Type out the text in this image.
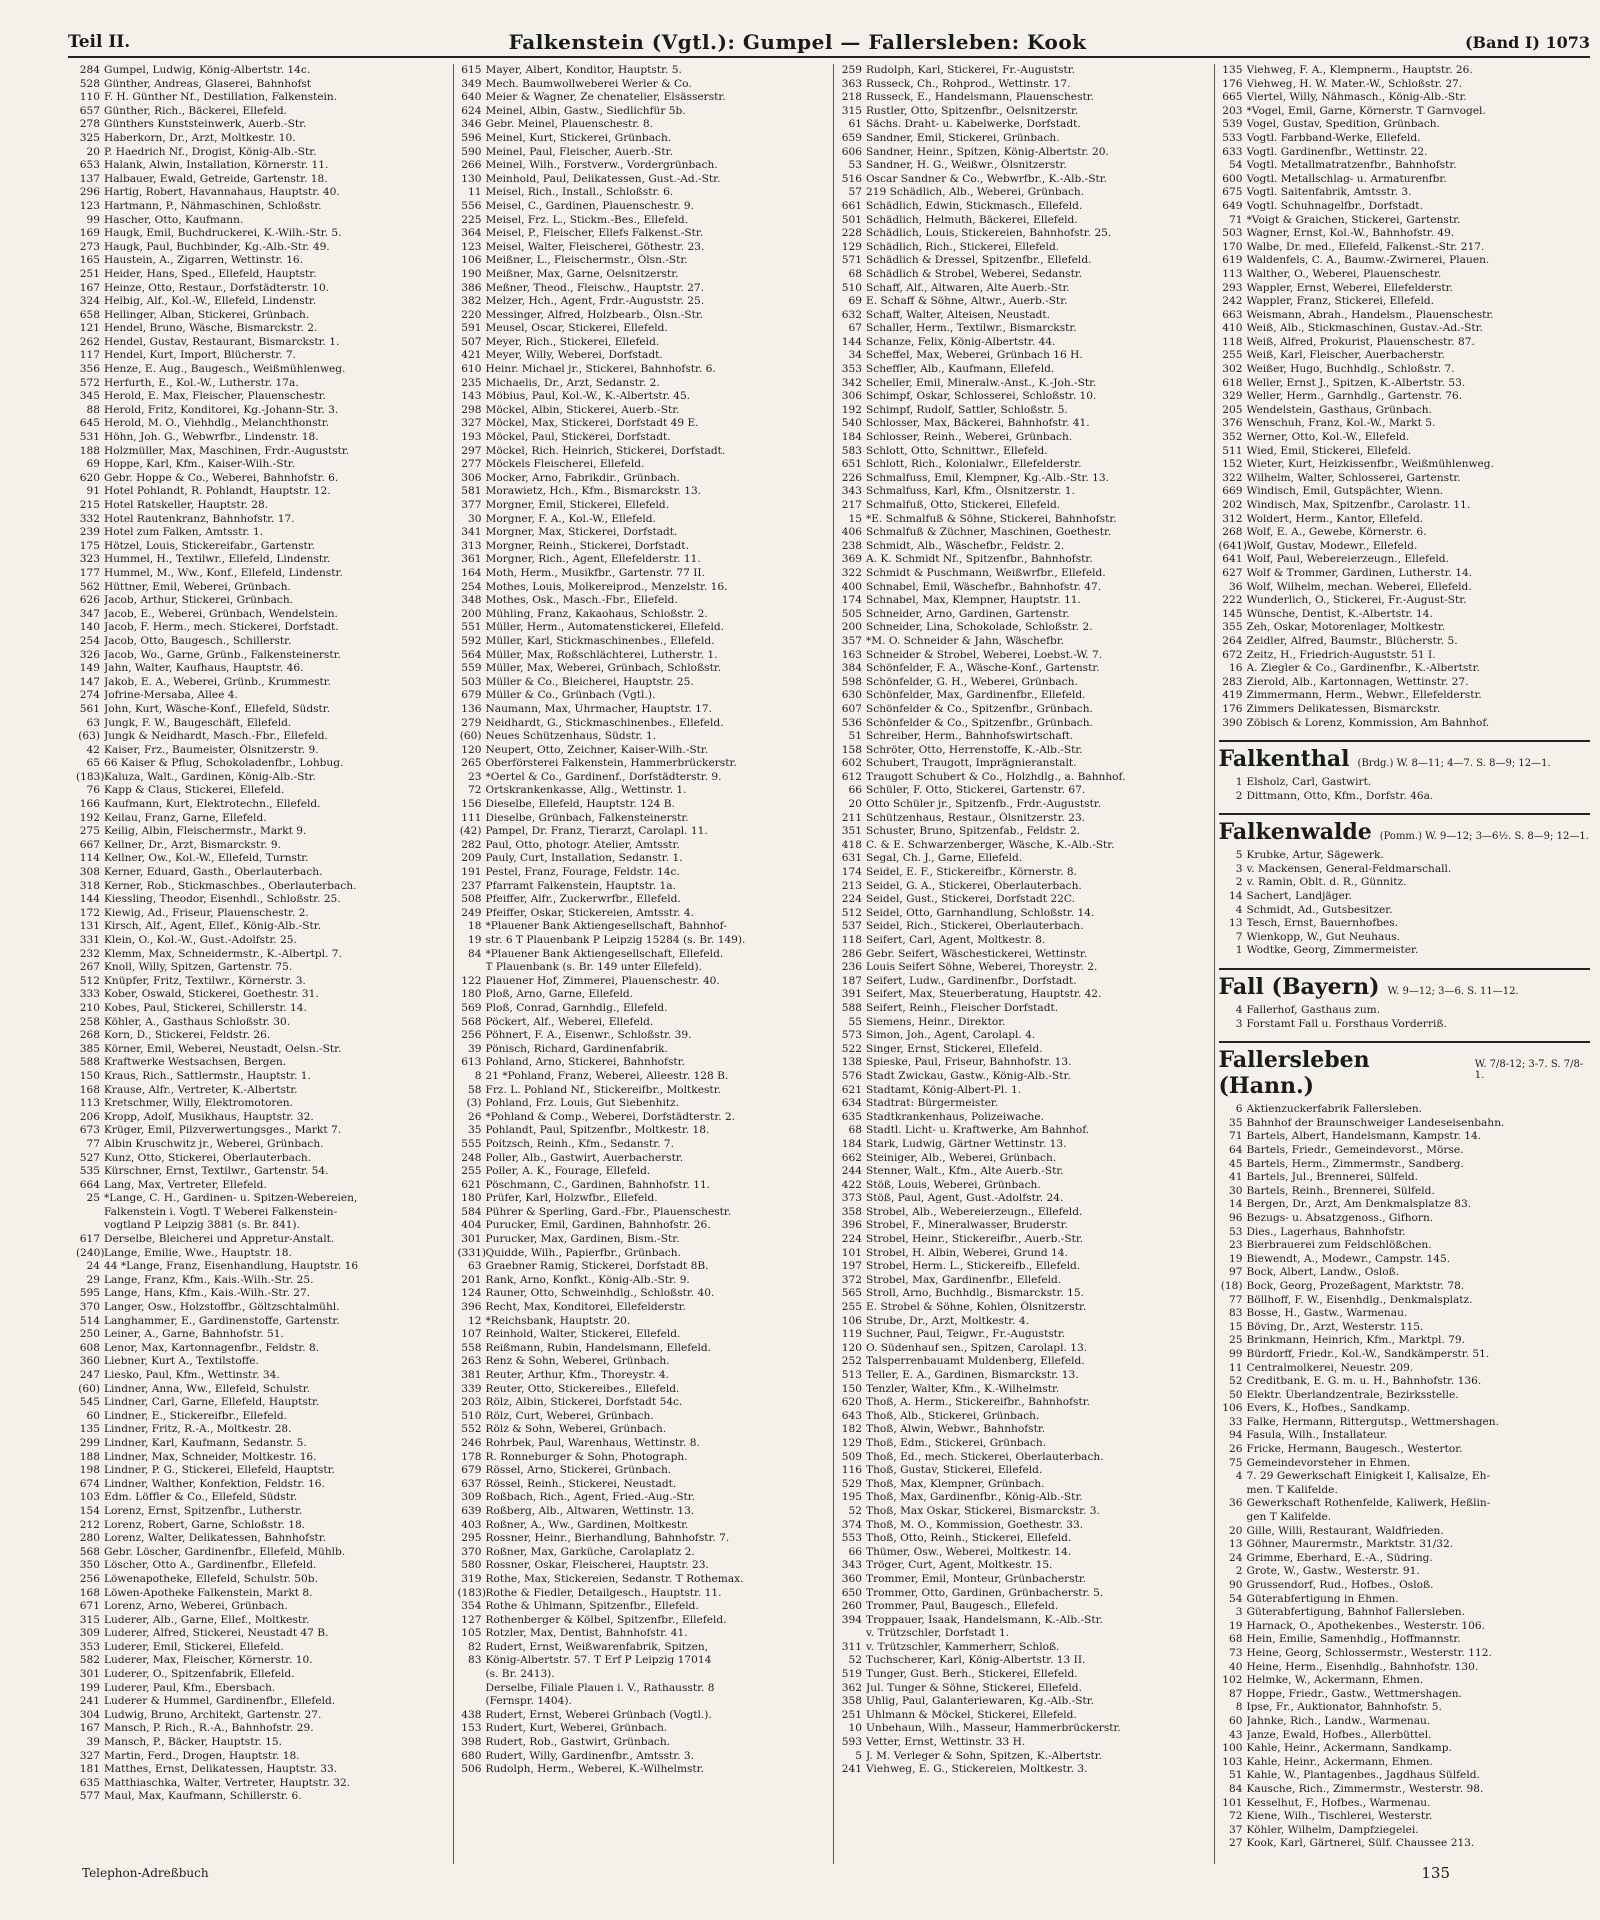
Teil II.	Falkenstein (Vgtl.): Gumpel — Fallersleben: Kook	(Band I) 1073
284 Gumpel, Ludwig, König-Albertstr. 14c.
528 Günther, Andreas, Glaserei, Bahnhofst
110 F. H. Günther Nf., Destillation, Falkenstein.
657 Günther, Rich., Bäckerei, Ellefeld.
278 Günthers Kunststeinwerk, Auerb.-Str.
325 Haberkorn, Dr., Arzt, Moltkestr. 10.
20 P. Haedrich Nf., Drogist, König-Alb.-Str.
653 Halank, Alwin, Installation, Körnerstr. 11.
137 Halbauer, Ewald, Getreide, Gartenstr. 18.
296 Hartig, Robert, Havannahaus, Hauptstr. 40.
123 Hartmann, P., Nähmaschinen, Schloßstr.
99 Hascher, Otto, Kaufmann.
169 Haugk, Emil, Buchdruckerei, K.-Wilh.-Str. 5.
273 Haugk, Paul, Buchbinder, Kg.-Alb.-Str. 49.
165 Haustein, A., Zigarren, Wettinstr. 16.
251 Heider, Hans, Sped., Ellefeld, Hauptstr.
167 Heinze, Otto, Restaur., Dorfstädterstr. 10.
324 Helbig, Alf., Kol.-W., Ellefeld, Lindenstr.
658 Hellinger, Alban, Stickerei, Grünbach.
121 Hendel, Bruno, Wäsche, Bismarckstr. 2.
262 Hendel, Gustav, Restaurant, Bismarckstr. 1.
117 Hendel, Kurt, Import, Blücherstr. 7.
356 Henze, E. Aug., Baugesch., Weißmühlenweg.
572 Herfurth, E., Kol.-W., Lutherstr. 17a.
345 Herold, E. Max, Fleischer, Plauenschestr.
88 Herold, Fritz, Konditorei, Kg.-Johann-Str. 3.
645 Herold, M. O., Viehhdlg., Melanchthonstr.
531 Höhn, Joh. G., Webwrfbr., Lindenstr. 18.
188 Holzmüller, Max, Maschinen, Frdr.-Auguststr.
69 Hoppe, Karl, Kfm., Kaiser-Wilh.-Str.
620 Gebr. Hoppe & Co., Weberei, Bahnhofstr. 6.
91 Hotel Pohlandt, R. Pohlandt, Hauptstr. 12.
215 Hotel Ratskeller, Hauptstr. 28.
332 Hotel Rautenkranz, Bahnhofstr. 17.
239 Hotel zum Falken, Amtsstr. 1.
175 Hötzel, Louis, Stickereifabr., Gartenstr.
323 Hummel, H., Textilwr., Ellefeld, Lindenstr.
177 Hummel, M., Ww., Konf., Ellefeld, Lindenstr.
562 Hüttner, Emil, Weberei, Grünbach.
626 Jacob, Arthur, Stickerei, Grünbach.
347 Jacob, E., Weberei, Grünbach, Wendelstein.
140 Jacob, F. Herm., mech. Stickerei, Dorfstadt.
254 Jacob, Otto, Baugesch., Schillerstr.
326 Jacob, Wo., Garne, Grünb., Falkensteinerstr.
149 Jahn, Walter, Kaufhaus, Hauptstr. 46.
147 Jakob, E. A., Weberei, Grünb., Krummestr.
274 Jofrine-Mersaba, Allee 4.
561 John, Kurt, Wäsche-Konf., Ellefeld, Südstr.
63 Jungk, F. W., Baugeschäft, Ellefeld.
(63) Jungk & Neidhardt, Masch.-Fbr., Ellefeld.
42 Kaiser, Frz., Baumeister, Ölsnitzerstr. 9.
65 66 Kaiser & Pflug, Schokoladenfbr., Lohbug.
(183) Kaluza, Walt., Gardinen, König-Alb.-Str.
76 Kapp & Claus, Stickerei, Ellefeld.
166 Kaufmann, Kurt, Elektrotechn., Ellefeld.
192 Keilau, Franz, Garne, Ellefeld.
275 Keilig, Albin, Fleischermstr., Markt 9.
667 Kellner, Dr., Arzt, Bismarckstr. 9.
114 Kellner, Ow., Kol.-W., Ellefeld, Turnstr.
308 Kerner, Eduard, Gasth., Oberlauterbach.
318 Kerner, Rob., Stickmaschbes., Oberlauterbach.
144 Kiessling, Theodor, Eisenhdl., Schloßstr. 25.
172 Kiewig, Ad., Friseur, Plauenschestr. 2.
131 Kirsch, Alf., Agent, Ellef., König-Alb.-Str.
331 Klein, O., Kol.-W., Gust.-Adolfstr. 25.
232 Klemm, Max, Schneidermstr., K.-Albertpl. 7.
267 Knoll, Willy, Spitzen, Gartenstr. 75.
512 Knüpfer, Fritz, Textilwr., Körnerstr. 3.
333 Kober, Oswald, Stickerei, Goethestr. 31.
210 Kobes, Paul, Stickerei, Schillerstr. 14.
258 Köhler, A., Gasthaus Schloßstr. 30.
268 Korn, D., Stickerei, Feldstr. 26.
385 Körner, Emil, Weberei, Neustadt, Oelsn.-Str.
588 Kraftwerke Westsachsen, Bergen.
150 Kraus, Rich., Sattlermstr., Hauptstr. 1.
168 Krause, Alfr., Vertreter, K.-Albertstr.
113 Kretschmer, Willy, Elektromotoren.
206 Kropp, Adolf, Musikhaus, Hauptstr. 32.
673 Krüger, Emil, Pilzverwertungsges., Markt 7.
77 Albin Kruschwitz jr., Weberei, Grünbach.
527 Kunz, Otto, Stickerei, Oberlauterbach.
535 Kürschner, Ernst, Textilwr., Gartenstr. 54.
664 Lang, Max, Vertreter, Ellefeld.
25 *Lange, C. H., Gardinen- u. Spitzen-Webereien,
Falkenstein i. Vogtl. T Weberei Falkenstein-
vogtland P Leipzig 3881 (s. Br. 841).
617 Derselbe, Bleicherei und Appretur-Anstalt.
(240) Lange, Emilie, Wwe., Hauptstr. 18.
24 44 *Lange, Franz, Eisenhandlung, Hauptstr. 16
29 Lange, Franz, Kfm., Kais.-Wilh.-Str. 25.
595 Lange, Hans, Kfm., Kais.-Wilh.-Str. 27.
370 Langer, Osw., Holzstoffbr., Göltzschtalmühl.
514 Langhammer, E., Gardinenstoffe, Gartenstr.
250 Leiner, A., Garne, Bahnhofstr. 51.
608 Lenor, Max, Kartonnagenfbr., Feldstr. 8.
360 Liebner, Kurt A., Textilstoffe.
247 Liesko, Paul, Kfm., Wettinstr. 34.
(60) Lindner, Anna, Ww., Ellefeld, Schulstr.
545 Lindner, Carl, Garne, Ellefeld, Hauptstr.
60 Lindner, E., Stickereifbr., Ellefeld.
135 Lindner, Fritz, R.-A., Moltkestr. 28.
299 Lindner, Karl, Kaufmann, Sedanstr. 5.
188 Lindner, Max, Schneider, Moltkestr. 16.
198 Lindner, P. G., Stickerei, Ellefeld, Hauptstr.
674 Lindner, Walther, Konfektion, Feldstr. 16.
103 Edm. Löffler & Co., Ellefeld, Südstr.
154 Lorenz, Ernst, Spitzenfbr., Lutherstr.
212 Lorenz, Robert, Garne, Schloßstr. 18.
280 Lorenz, Walter, Delikatessen, Bahnhofstr.
568 Gebr. Löscher, Gardinenfbr., Ellefeld, Mühlb.
350 Löscher, Otto A., Gardinenfbr., Ellefeld.
256 Löwenapotheke, Ellefeld, Schulstr. 50b.
168 Löwen-Apotheke Falkenstein, Markt 8.
671 Lorenz, Arno, Weberei, Grünbach.
315 Luderer, Alb., Garne, Ellef., Moltkestr.
309 Luderer, Alfred, Stickerei, Neustadt 47 B.
353 Luderer, Emil, Stickerei, Ellefeld.
582 Luderer, Max, Fleischer, Körnerstr. 10.
301 Luderer, O., Spitzenfabrik, Ellefeld.
199 Luderer, Paul, Kfm., Ebersbach.
241 Luderer & Hummel, Gardinenfbr., Ellefeld.
304 Ludwig, Bruno, Architekt, Gartenstr. 27.
167 Mansch, P. Rich., R.-A., Bahnhofstr. 29.
39 Mansch, P., Bäcker, Hauptstr. 15.
327 Martin, Ferd., Drogen, Hauptstr. 18.
181 Matthes, Ernst, Delikatessen, Hauptstr. 33.
635 Matthiaschka, Walter, Vertreter, Hauptstr. 32.
577 Maul, Max, Kaufmann, Schillerstr. 6.
615 Mayer, Albert, Konditor, Hauptstr. 5.
349 Mech. Baumwollweberei Werler & Co.
640 Meier & Wagner, Ze chenatelier, Elsässerstr.
624 Meinel, Albin, Gastw., Siedlichfür 5b.
346 Gebr. Meinel, Plauenschestr. 8.
596 Meinel, Kurt, Stickerei, Grünbach.
590 Meinel, Paul, Fleischer, Auerb.-Str.
266 Meinel, Wilh., Forstverw., Vordergrünbach.
130 Meinhold, Paul, Delikatessen, Gust.-Ad.-Str.
11 Meisel, Rich., Install., Schloßstr. 6.
556 Meisel, C., Gardinen, Plauenschestr. 9.
225 Meisel, Frz. L., Stickm.-Bes., Ellefeld.
364 Meisel, P., Fleischer, Ellefs Falkenst.-Str.
123 Meisel, Walter, Fleischerei, Göthestr. 23.
106 Meißner, L., Fleischermstr., Ölsn.-Str.
190 Meißner, Max, Garne, Oelsnitzerstr.
386 Meßner, Theod., Fleischw., Hauptstr. 27.
382 Melzer, Hch., Agent, Frdr.-Auguststr. 25.
220 Messinger, Alfred, Holzbearb., Ölsn.-Str.
591 Meusel, Oscar, Stickerei, Ellefeld.
507 Meyer, Rich., Stickerei, Ellefeld.
421 Meyer, Willy, Weberei, Dorfstadt.
610 Heinr. Michael jr., Stickerei, Bahnhofstr. 6.
235 Michaelis, Dr., Arzt, Sedanstr. 2.
143 Möbius, Paul, Kol.-W., K.-Albertstr. 45.
298 Möckel, Albin, Stickerei, Auerb.-Str.
327 Möckel, Max, Stickerei, Dorfstadt 49 E.
193 Möckel, Paul, Stickerei, Dorfstadt.
297 Möckel, Rich. Heinrich, Stickerei, Dorfstadt.
277 Möckels Fleischerei, Ellefeld.
306 Mocker, Arno, Fabrikdir., Grünbach.
581 Morawietz, Hch., Kfm., Bismarckstr. 13.
377 Morgner, Emil, Stickerei, Ellefeld.
30 Morgner, F. A., Kol.-W., Ellefeld.
341 Morgner, Max, Stickerei, Dorfstadt.
313 Morgner, Reinh., Stickerei, Dorfstadt.
361 Morgner, Rich., Agent, Ellefelderstr. 11.
164 Moth, Herm., Musikfbr., Gartenstr. 77 II.
254 Mothes, Louis, Molkereiprod., Menzelstr. 16.
348 Mothes, Osk., Masch.-Fbr., Ellefeld.
200 Mühling, Franz, Kakaohaus, Schloßstr. 2.
551 Müller, Herm., Automatenstickerei, Ellefeld.
592 Müller, Karl, Stickmaschinenbes., Ellefeld.
564 Müller, Max, Roßschlächterei, Lutherstr. 1.
559 Müller, Max, Weberei, Grünbach, Schloßstr.
503 Müller & Co., Bleicherei, Hauptstr. 25.
679 Müller & Co., Grünbach (Vgtl.).
136 Naumann, Max, Uhrmacher, Hauptstr. 17.
279 Neidhardt, G., Stickmaschinenbes., Ellefeld.
(60) Neues Schützenhaus, Südstr. 1.
120 Neupert, Otto, Zeichner, Kaiser-Wilh.-Str.
265 Oberförsterei Falkenstein, Hammerbrückerstr.
23 *Oertel & Co., Gardinenf., Dorfstädterstr. 9.
72 Ortskrankenkasse, Allg., Wettinstr. 1.
156 Dieselbe, Ellefeld, Hauptstr. 124 B.
111 Dieselbe, Grünbach, Falkensteinerstr.
(42) Pampel, Dr. Franz, Tierarzt, Carolapl. 11.
282 Paul, Otto, photogr. Atelier, Amtsstr.
209 Pauly, Curt, Installation, Sedanstr. 1.
191 Pestel, Franz, Fourage, Feldstr. 14c.
237 Pfarramt Falkenstein, Hauptstr. 1a.
508 Pfeiffer, Alfr., Zuckerwrfbr., Ellefeld.
249 Pfeiffer, Oskar, Stickereien, Amtsstr. 4.
18 *Plauener Bank Aktiengesellschaft, Bahnhof-
19 str. 6 T Plauenbank P Leipzig 15284 (s. Br. 149).
84 *Plauener Bank Aktiengesellschaft, Ellefeld.
T Plauenbank (s. Br. 149 unter Ellefeld).
122 Plauener Hof, Zimmerei, Plauenschestr. 40.
180 Ploß, Arno, Garne, Ellefeld.
569 Ploß, Conrad, Garnhdlg., Ellefeld.
568 Pöckert, Alf., Weberei, Ellefeld.
256 Pöhnert, F. A., Eisenwr., Schloßstr. 39.
39 Pönisch, Richard, Gardinenfabrik.
613 Pohland, Arno, Stickerei, Bahnhofstr.
8 21 *Pohland, Franz, Weberei, Alleestr. 128 B.
58 Frz. L. Pohland Nf., Stickereifbr., Moltkestr.
(3) Pohland, Frz. Louis, Gut Siebenhitz.
26 *Pohland & Comp., Weberei, Dorfstädterstr. 2.
35 Pohlandt, Paul, Spitzenfbr., Moltkestr. 18.
555 Poitzsch, Reinh., Kfm., Sedanstr. 7.
248 Poller, Alb., Gastwirt, Auerbacherstr.
255 Poller, A. K., Fourage, Ellefeld.
621 Pöschmann, C., Gardinen, Bahnhofstr. 11.
180 Prüfer, Karl, Holzwfbr., Ellefeld.
584 Pührer & Sperling, Gard.-Fbr., Plauenschestr.
404 Purucker, Emil, Gardinen, Bahnhofstr. 26.
301 Purucker, Max, Gardinen, Bism.-Str.
(331) Quidde, Wilh., Papierfbr., Grünbach.
63 Graebner Ramig, Stickerei, Dorfstadt 8B.
201 Rank, Arno, Konfkt., König-Alb.-Str. 9.
124 Rauner, Otto, Schweinhdlg., Schloßstr. 40.
396 Recht, Max, Konditorei, Ellefelderstr.
12 *Reichsbank, Hauptstr. 20.
107 Reinhold, Walter, Stickerei, Ellefeld.
558 Reißmann, Rubin, Handelsmann, Ellefeld.
263 Renz & Sohn, Weberei, Grünbach.
381 Reuter, Arthur, Kfm., Thoreystr. 4.
339 Reuter, Otto, Stickereibes., Ellefeld.
203 Rölz, Albin, Stickerei, Dorfstadt 54c.
510 Rölz, Curt, Weberei, Grünbach.
552 Rölz & Sohn, Weberei, Grünbach.
246 Rohrbek, Paul, Warenhaus, Wettinstr. 8.
178 R. Ronneburger & Sohn, Photograph.
679 Rössel, Arno, Stickerei, Grünbach.
637 Rössel, Reinh., Stickerei, Neustadt.
309 Roßbach, Rich., Agent, Fried.-Aug.-Str.
639 Roßberg, Alb., Altwaren, Wettinstr. 13.
403 Roßner, A., Ww., Gardinen, Moltkestr.
295 Rossner, Heinr., Bierhandlung, Bahnhofstr. 7.
370 Roßner, Max, Garküche, Carolaplatz 2.
580 Rossner, Oskar, Fleischerei, Hauptstr. 23.
319 Rothe, Max, Stickereien, Sedanstr. T Rothemax.
(183) Rothe & Fiedler, Detailgesch., Hauptstr. 11.
354 Rothe & Uhlmann, Spitzenfbr., Ellefeld.
127 Rothenberger & Kölbel, Spitzenfbr., Ellefeld.
105 Rotzler, Max, Dentist, Bahnhofstr. 41.
82 Rudert, Ernst, Weißwarenfabrik, Spitzen,
83 König-Albertstr. 57. T Erf P Leipzig 17014
(s. Br. 2413).
Derselbe, Filiale Plauen i. V., Rathausstr. 8
(Fernspr. 1404).
438 Rudert, Ernst, Weberei Grünbach (Vogtl.).
153 Rudert, Kurt, Weberei, Grünbach.
398 Rudert, Rob., Gastwirt, Grünbach.
680 Rudert, Willy, Gardinenfbr., Amtsstr. 3.
506 Rudolph, Herm., Weberei, K.-Wilhelmstr.
259 Rudolph, Karl, Stickerei, Fr.-Auguststr.
363 Russeck, Ch., Rohprod., Wettinstr. 17.
218 Russeck, E., Handelsmann, Plauenschestr.
315 Rustler, Otto, Spitzenfbr., Oelsnitzerstr.
61 Sächs. Draht- u. Kabelwerke, Dorfstadt.
659 Sandner, Emil, Stickerei, Grünbach.
606 Sandner, Heinr., Spitzen, König-Albertstr. 20.
53 Sandner, H. G., Weißwr., Ölsnitzerstr.
516 Oscar Sandner & Co., Webwrfbr., K.-Alb.-Str.
57 219 Schädlich, Alb., Weberei, Grünbach.
661 Schädlich, Edwin, Stickmasch., Ellefeld.
501 Schädlich, Helmuth, Bäckerei, Ellefeld.
228 Schädlich, Louis, Stickereien, Bahnhofstr. 25.
129 Schädlich, Rich., Stickerei, Ellefeld.
571 Schädlich & Dressel, Spitzenfbr., Ellefeld.
68 Schädlich & Strobel, Weberei, Sedanstr.
510 Schaff, Alf., Altwaren, Alte Auerb.-Str.
69 E. Schaff & Söhne, Altwr., Auerb.-Str.
632 Schaff, Walter, Alteisen, Neustadt.
67 Schaller, Herm., Textilwr., Bismarckstr.
144 Schanze, Felix, König-Albertstr. 44.
34 Scheffel, Max, Weberei, Grünbach 16 H.
353 Scheffler, Alb., Kaufmann, Ellefeld.
342 Scheller, Emil, Mineralw.-Anst., K.-Joh.-Str.
306 Schimpf, Oskar, Schlosserei, Schloßstr. 10.
192 Schimpf, Rudolf, Sattler, Schloßstr. 5.
540 Schlosser, Max, Bäckerei, Bahnhofstr. 41.
184 Schlosser, Reinh., Weberei, Grünbach.
583 Schlott, Otto, Schnittwr., Ellefeld.
651 Schlott, Rich., Kolonialwr., Ellefelderstr.
226 Schmalfuss, Emil, Klempner, Kg.-Alb.-Str. 13.
343 Schmalfuss, Karl, Kfm., Ölsnitzerstr. 1.
217 Schmalfuß, Otto, Stickerei, Ellefeld.
15 *E. Schmalfuß & Söhne, Stickerei, Bahnhofstr.
406 Schmalfuß & Züchner, Maschinen, Goethestr.
238 Schmidt, Alb., Wäschefbr., Feldstr. 2.
369 A. K. Schmidt Nf., Spitzenfbr., Bahnhofstr.
322 Schmidt & Puschmann, Weißwrfbr., Ellefeld.
400 Schnabel, Emil, Wäschefbr., Bahnhofstr. 47.
174 Schnabel, Max, Klempner, Hauptstr. 11.
505 Schneider, Arno, Gardinen, Gartenstr.
200 Schneider, Lina, Schokolade, Schloßstr. 2.
357 *M. O. Schneider & Jahn, Wäschefbr.
163 Schneider & Strobel, Weberei, Loebst.-W. 7.
384 Schönfelder, F. A., Wäsche-Konf., Gartenstr.
598 Schönfelder, G. H., Weberei, Grünbach.
630 Schönfelder, Max, Gardinenfbr., Ellefeld.
607 Schönfelder & Co., Spitzenfbr., Grünbach.
536 Schönfelder & Co., Spitzenfbr., Grünbach.
51 Schreiber, Herm., Bahnhofswirtschaft.
158 Schröter, Otto, Herrenstoffe, K.-Alb.-Str.
602 Schubert, Traugott, Imprägnieranstalt.
612 Traugott Schubert & Co., Holzhdlg., a. Bahnhof.
66 Schüler, F. Otto, Stickerei, Gartenstr. 67.
20 Otto Schüler jr., Spitzenfb., Frdr.-Auguststr.
211 Schützenhaus, Restaur., Ölsnitzerstr. 23.
351 Schuster, Bruno, Spitzenfab., Feldstr. 2.
418 C. & E. Schwarzenberger, Wäsche, K.-Alb.-Str.
631 Segal, Ch. J., Garne, Ellefeld.
174 Seidel, E. F., Stickereifbr., Körnerstr. 8.
213 Seidel, G. A., Stickerei, Oberlauterbach.
224 Seidel, Gust., Stickerei, Dorfstadt 22C.
512 Seidel, Otto, Garnhandlung, Schloßstr. 14.
537 Seidel, Rich., Stickerei, Oberlauterbach.
118 Seifert, Carl, Agent, Moltkestr. 8.
286 Gebr. Seifert, Wäschestickerei, Wettinstr.
236 Louis Seifert Söhne, Weberei, Thoreystr. 2.
187 Seifert, Ludw., Gardinenfbr., Dorfstadt.
391 Seifert, Max, Steuerberatung, Hauptstr. 42.
588 Seifert, Reinh., Fleischer Dorfstadt.
55 Siemens, Heinr., Direktor.
573 Simon, Joh., Agent, Carolapl. 4.
522 Singer, Ernst, Stickerei, Ellefeld.
138 Spieske, Paul, Friseur, Bahnhofstr. 13.
576 Stadt Zwickau, Gastw., König-Alb.-Str.
621 Stadtamt, König-Albert-Pl. 1.
634 Stadtrat: Bürgermeister.
635 Stadtkrankenhaus, Polizeiwache.
68 Stadtl. Licht- u. Kraftwerke, Am Bahnhof.
184 Stark, Ludwig, Gärtner Wettinstr. 13.
662 Steiniger, Alb., Weberei, Grünbach.
244 Stenner, Walt., Kfm., Alte Auerb.-Str.
422 Stöß, Louis, Weberei, Grünbach.
373 Stöß, Paul, Agent, Gust.-Adolfstr. 24.
358 Strobel, Alb., Webereierzeugn., Ellefeld.
396 Strobel, F., Mineralwasser, Bruderstr.
224 Strobel, Heinr., Stickereifbr., Auerb.-Str.
101 Strobel, H. Albin, Weberei, Grund 14.
197 Strobel, Herm. L., Stickereifb., Ellefeld.
372 Strobel, Max, Gardinenfbr., Ellefeld.
565 Stroll, Arno, Buchhdlg., Bismarckstr. 15.
255 E. Strobel & Söhne, Kohlen, Ölsnitzerstr.
106 Strube, Dr., Arzt, Moltkestr. 4.
119 Suchner, Paul, Teigwr., Fr.-Auguststr.
120 O. Südenhauf sen., Spitzen, Carolapl. 13.
252 Talsperrenbauamt Muldenberg, Ellefeld.
513 Teller, E. A., Gardinen, Bismarckstr. 13.
150 Tenzler, Walter, Kfm., K.-Wilhelmstr.
620 Thoß, A. Herm., Stickereifbr., Bahnhofstr.
643 Thoß, Alb., Stickerei, Grünbach.
182 Thoß, Alwin, Webwr., Bahnhofstr.
129 Thoß, Edm., Stickerei, Grünbach.
509 Thoß, Ed., mech. Stickerei, Oberlauterbach.
116 Thoß, Gustav, Stickerei, Ellefeld.
529 Thoß, Max, Klempner, Grünbach.
195 Thoß, Max, Gardinenfbr., König-Alb.-Str.
52 Thoß, Max Oskar, Stickerei, Bismarckstr. 3.
374 Thoß, M. O., Kommission, Goethestr. 33.
553 Thoß, Otto, Reinh., Stickerei, Ellefeld.
66 Thümer, Osw., Weberei, Moltkestr. 14.
343 Tröger, Curt, Agent, Moltkestr. 15.
360 Trommer, Emil, Monteur, Grünbacherstr.
650 Trommer, Otto, Gardinen, Grünbacherstr. 5.
260 Trommer, Paul, Baugesch., Ellefeld.
394 Troppauer, Isaak, Handelsmann, K.-Alb.-Str.
v. Trützschler, Dorfstadt 1.
311 v. Trützschler, Kammerherr, Schloß.
52 Tuchscherer, Karl, König-Albertstr. 13 II.
519 Tunger, Gust. Berh., Stickerei, Ellefeld.
362 Jul. Tunger & Söhne, Stickerei, Ellefeld.
358 Uhlig, Paul, Galanteriewaren, Kg.-Alb.-Str.
251 Uhlmann & Möckel, Stickerei, Ellefeld.
10 Unbehaun, Wilh., Masseur, Hammerbrückerstr.
593 Vetter, Ernst, Wettinstr. 33 H.
5 J. M. Verleger & Sohn, Spitzen, K.-Albertstr.
241 Viehweg, E. G., Stickereien, Moltkestr. 3.
135 Viehweg, F. A., Klempnerm., Hauptstr. 26.
176 Viehweg, H. W. Mater.-W., Schloßstr. 27.
665 Viertel, Willy, Nähmasch., König-Alb.-Str.
203 *Vogel, Emil, Garne, Körnerstr. T Garnvogel.
539 Vogel, Gustav, Spedition, Grünbach.
533 Vogtl. Farbband-Werke, Ellefeld.
633 Vogtl. Gardinenfbr., Wettinstr. 22.
54 Vogtl. Metallmatratzenfbr., Bahnhofstr.
600 Vogtl. Metallschlag- u. Armaturenfbr.
675 Vogtl. Saitenfabrik, Amtsstr. 3.
649 Vogtl. Schuhnagelfbr., Dorfstadt.
71 *Voigt & Graichen, Stickerei, Gartenstr.
503 Wagner, Ernst, Kol.-W., Bahnhofstr. 49.
170 Walbe, Dr. med., Ellefeld, Falkenst.-Str. 217.
619 Waldenfels, C. A., Baumw.-Zwirnerei, Plauen.
113 Walther, O., Weberei, Plauenschestr.
293 Wappler, Ernst, Weberei, Ellefelderstr.
242 Wappler, Franz, Stickerei, Ellefeld.
663 Weismann, Abrah., Handelsm., Plauenschestr.
410 Weiß, Alb., Stickmaschinen, Gustav.-Ad.-Str.
118 Weiß, Alfred, Prokurist, Plauenschestr. 87.
255 Weiß, Karl, Fleischer, Auerbacherstr.
302 Weißer, Hugo, Buchhdlg., Schloßstr. 7.
618 Weller, Ernst J., Spitzen, K.-Albertstr. 53.
329 Weller, Herm., Garnhdlg., Gartenstr. 76.
205 Wendelstein, Gasthaus, Grünbach.
376 Wenschuh, Franz, Kol.-W., Markt 5.
352 Werner, Otto, Kol.-W., Ellefeld.
511 Wied, Emil, Stickerei, Ellefeld.
152 Wieter, Kurt, Heizkissenfbr., Weißmühlenweg.
322 Wilhelm, Walter, Schlosserei, Gartenstr.
669 Windisch, Emil, Gutspächter, Wienn.
202 Windisch, Max, Spitzenfbr., Carolastr. 11.
312 Woldert, Herm., Kantor, Ellefeld.
268 Wolf, E. A., Gewebe, Körnerstr. 6.
(641) Wolf, Gustav, Modewr., Ellefeld.
641 Wolf, Paul, Webereierzeugn., Ellefeld.
627 Wolf & Trommer, Gardinen, Lutherstr. 14.
36 Wolf, Wilhelm, mechan. Weberei, Ellefeld.
222 Wunderlich, O., Stickerei, Fr.-August-Str.
145 Wünsche, Dentist, K.-Albertstr. 14.
355 Zeh, Oskar, Motorenlager, Moltkestr.
264 Zeidler, Alfred, Baumstr., Blücherstr. 5.
672 Zeitz, H., Friedrich-Auguststr. 51 I.
16 A. Ziegler & Co., Gardinenfbr., K.-Albertstr.
283 Zierold, Alb., Kartonnagen, Wettinstr. 27.
419 Zimmermann, Herm., Webwr., Ellefelderstr.
176 Zimmers Delikatessen, Bismarckstr.
390 Zöbisch & Lorenz, Kommission, Am Bahnhof.
Falkenthal (Brdg.) W. 8—11; 4—7. S. 8—9; 12—1.
1 Elsholz, Carl, Gastwirt.
2 Dittmann, Otto, Kfm., Dorfstr. 46a.
Falkenwalde (Pomm.) W. 9—12; 3—6½. S. 8—9; 12—1.
5 Krubke, Artur, Sägewerk.
3 v. Mackensen, General-Feldmarschall.
2 v. Ramin, Oblt. d. R., Günnitz.
14 Sachert, Landjäger.
4 Schmidt, Ad., Gutsbesitzer.
13 Tesch, Ernst, Bauernhofbes.
7 Wienkopp, W., Gut Neuhaus.
1 Wodtke, Georg, Zimmermeister.
Fall (Bayern) W. 9—12; 3—6. S. 11—12.
4 Fallerhof, Gasthaus zum.
3 Forstamt Fall u. Forsthaus Vorderriß.
Fallersleben (Hann.)
W. 7/8-12; 3-7. S. 7/8-1.
6 Aktienzuckerfabrik Fallersleben.
35 Bahnhof der Braunschweiger Landeseisenbahn.
71 Bartels, Albert, Handelsmann, Kampstr. 14.
64 Bartels, Friedr., Gemeindevorst., Mörse.
45 Bartels, Herm., Zimmermstr., Sandberg.
41 Bartels, Jul., Brennerei, Sülfeld.
30 Bartels, Reinh., Brennerei, Sülfeld.
14 Bergen, Dr., Arzt, Am Denkmalsplatze 83.
96 Bezugs- u. Absatzgenoss., Gifhorn.
53 Dies., Lagerhaus, Bahnhofstr.
23 Bierbrauerei zum Feldschlößchen.
19 Biewendt, A., Modewr., Campstr. 145.
97 Bock, Albert, Landw., Osloß.
(18) Bock, Georg, Prozeßagent, Marktstr. 78.
77 Böllhoff, F. W., Eisenhdlg., Denkmalsplatz.
83 Bosse, H., Gastw., Warmenau.
15 Böving, Dr., Arzt, Westerstr. 115.
25 Brinkmann, Heinrich, Kfm., Marktpl. 79.
99 Bürdorff, Friedr., Kol.-W., Sandkämperstr. 51.
11 Centralmolkerei, Neuestr. 209.
52 Creditbank, E. G. m. u. H., Bahnhofstr. 136.
50 Elektr. Überlandzentrale, Bezirksstelle.
106 Evers, K., Hofbes., Sandkamp.
33 Falke, Hermann, Rittergutsp., Wettmershagen.
94 Fasula, Wilh., Installateur.
26 Fricke, Hermann, Baugesch., Westertor.
75 Gemeindevorsteher in Ehmen.
4 7. 29 Gewerkschaft Einigkeit I, Kalisalze, Eh-
men. T Kalifelde.
36 Gewerkschaft Rothenfelde, Kaliwerk, Heßlin-
gen T Kalifelde.
20 Gille, Willi, Restaurant, Waldfrieden.
13 Göhner, Maurermstr., Marktstr. 31/32.
24 Grimme, Eberhard, E.-A., Südring.
2 Grote, W., Gastw., Westerstr. 91.
90 Grussendorf, Rud., Hofbes., Osloß.
54 Güterabfertigung in Ehmen.
3 Güterabfertigung, Bahnhof Fallersleben.
19 Harnack, O., Apothekenbes., Westerstr. 106.
68 Hein, Emilie, Samenhdlg., Hoffmannstr.
73 Heine, Georg, Schlossermstr., Westerstr. 112.
40 Heine, Herm., Eisenhdlg., Bahnhofstr. 130.
102 Helmke, W., Ackermann, Ehmen.
87 Hoppe, Friedr., Gastw., Wettmershagen.
8 Ipse, Fr., Auktionator, Bahnhofstr. 5.
60 Jahnke, Rich., Landw., Warmenau.
43 Janze, Ewald, Hofbes., Allerbüttel.
100 Kahle, Heinr., Ackermann, Sandkamp.
103 Kahle, Heinr., Ackermann, Ehmen.
51 Kahle, W., Plantagenbes., Jagdhaus Sülfeld.
84 Kausche, Rich., Zimmermstr., Westerstr. 98.
101 Kesselhut, F., Hofbes., Warmenau.
72 Kiene, Wilh., Tischlerei, Westerstr.
37 Köhler, Wilhelm, Dampfziegelei.
27 Kook, Karl, Gärtnerei, Sülf. Chaussee 213.
Telephon-Adreßbuch	135
